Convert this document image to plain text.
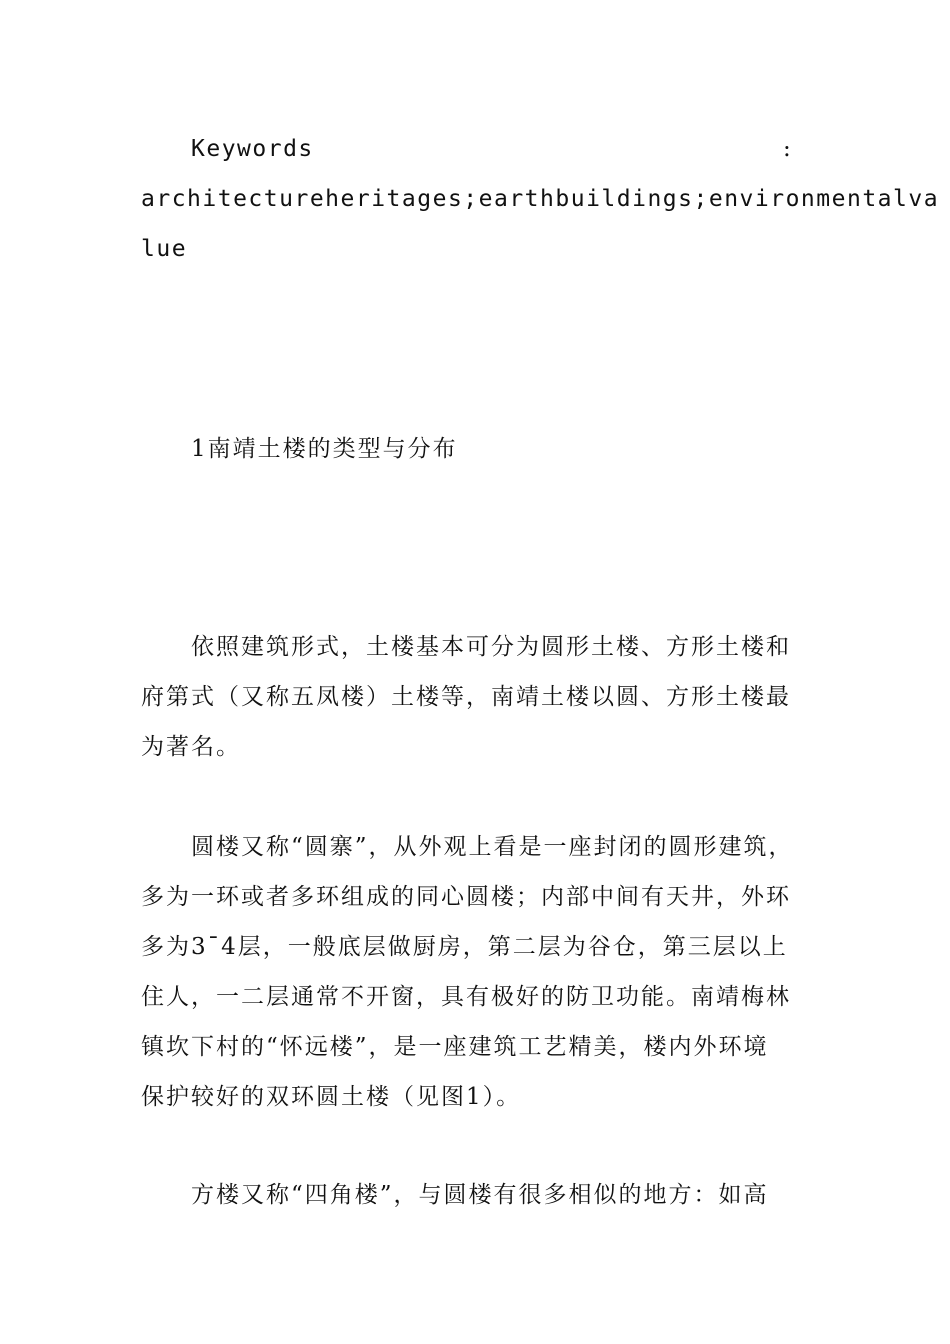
Keywords	:
architectureheritages;earthbuildings;environmentalva
lue
1南靖土楼的类型与分布
依照建筑形式，土楼基本可分为圆形土楼、方形土楼和
府第式（又称五凤楼）土楼等，南靖土楼以圆、方形土楼最
为著名。
圆楼又称“圆寨”，从外观上看是一座封闭的圆形建筑，
多为一环或者多环组成的同心圆楼；内部中间有天井，外环
多为3¯4层，一般底层做厨房，第二层为谷仓，第三层以上
住人，一二层通常不开窗，具有极好的防卫功能。南靖梅林
镇坎下村的“怀远楼”，是一座建筑工艺精美，楼内外环境
保护较好的双环圆土楼（见图1）。
方楼又称“四角楼”，与圆楼有很多相似的地方：如高
